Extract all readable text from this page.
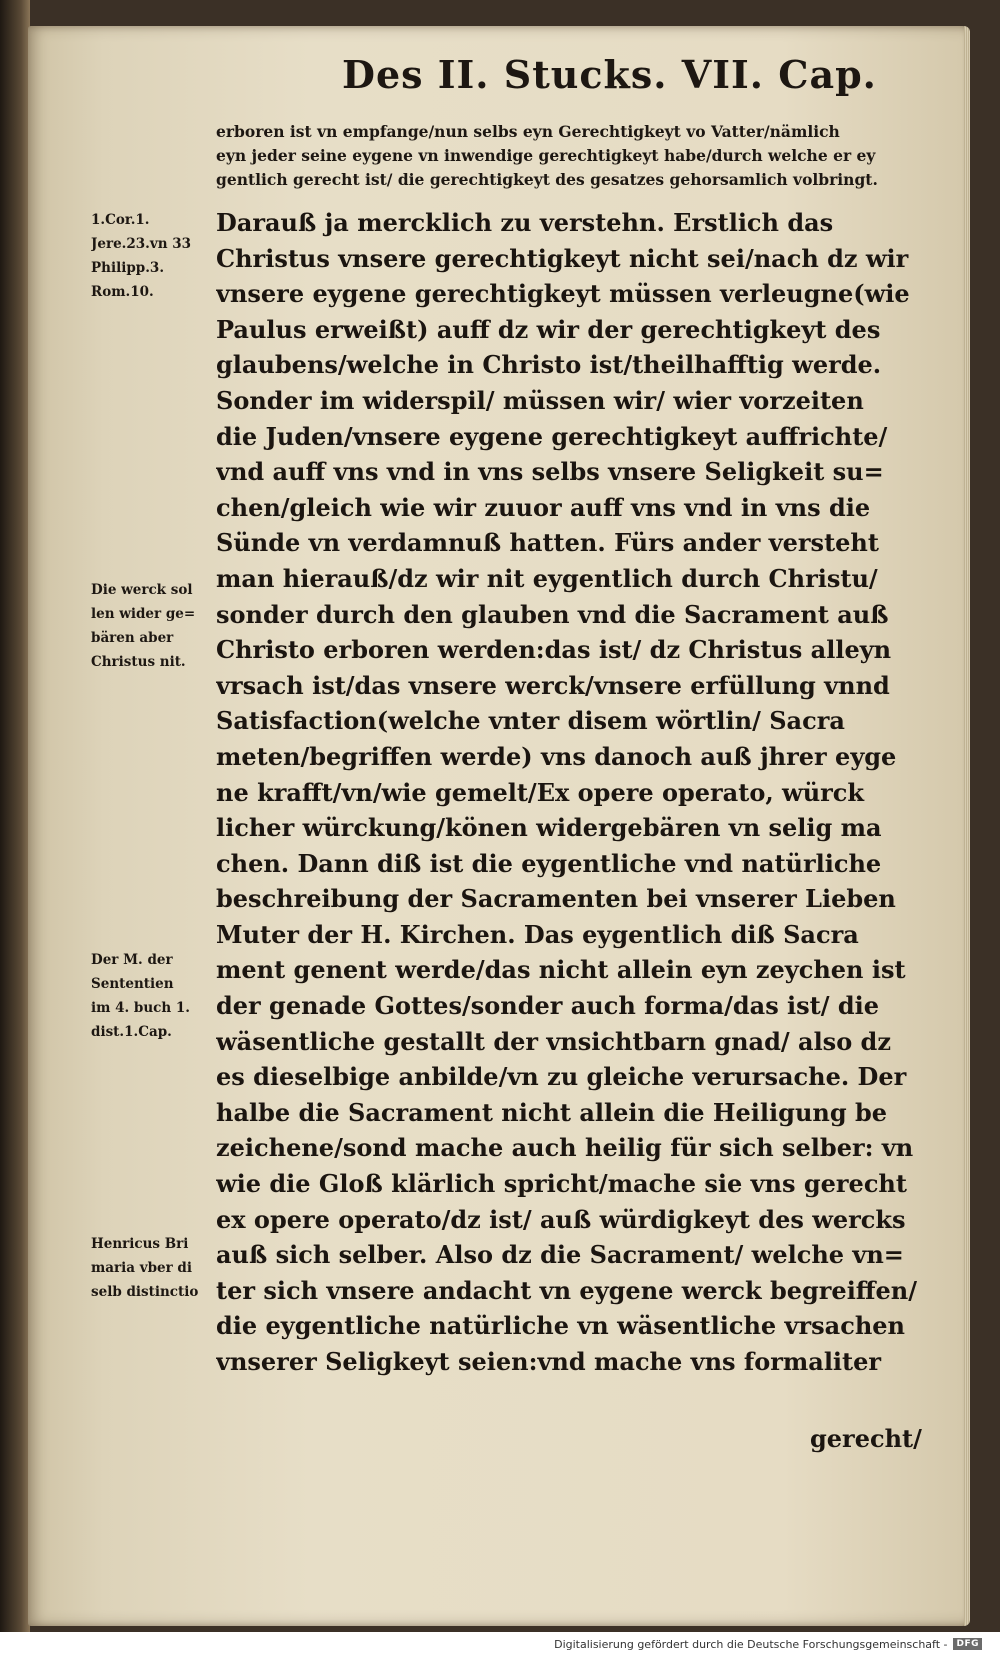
Des II. Stucks. VII. Cap.
erboren ist vn empfange/nun selbs eyn Gerechtigkeyt vo Vatter/nämlich
eyn jeder seine eygene vn inwendige gerechtigkeyt habe/durch welche er ey
gentlich gerecht ist/ die gerechtigkeyt des gesatzes gehorsamlich volbringt.
Darauß ja mercklich zu verstehn. Erstlich das
Christus vnsere gerechtigkeyt nicht sei/nach dz wir
vnsere eygene gerechtigkeyt müssen verleugne(wie
Paulus erweißt) auff dz wir der gerechtigkeyt des
glaubens/welche in Christo ist/theilhafftig werde.
Sonder im widerspil/ müssen wir/ wier vorzeiten
die Juden/vnsere eygene gerechtigkeyt auffrichte/
vnd auff vns vnd in vns selbs vnsere Seligkeit su=
chen/gleich wie wir zuuor auff vns vnd in vns die
Sünde vn verdamnuß hatten. Fürs ander versteht
man hierauß/dz wir nit eygentlich durch Christu/
sonder durch den glauben vnd die Sacrament auß
Christo erboren werden:das ist/ dz Christus alleyn
vrsach ist/das vnsere werck/vnsere erfüllung vnnd
Satisfaction(welche vnter disem wörtlin/ Sacra
meten/begriffen werde) vns danoch auß jhrer eyge
ne krafft/vn/wie gemelt/Ex opere operato, würck
licher würckung/könen widergebären vn selig ma
chen. Dann diß ist die eygentliche vnd natürliche
beschreibung der Sacramenten bei vnserer Lieben
Muter der H. Kirchen. Das eygentlich diß Sacra
ment genent werde/das nicht allein eyn zeychen ist
der genade Gottes/sonder auch forma/das ist/ die
wäsentliche gestallt der vnsichtbarn gnad/ also dz
es dieselbige anbilde/vn zu gleiche verursache. Der
halbe die Sacrament nicht allein die Heiligung be
zeichene/sond mache auch heilig für sich selber: vn
wie die Gloß klärlich spricht/mache sie vns gerecht
ex opere operato/dz ist/ auß würdigkeyt des wercks
auß sich selber. Also dz die Sacrament/ welche vn=
ter sich vnsere andacht vn eygene werck begreiffen/
die eygentliche natürliche vn wäsentliche vrsachen
vnserer Seligkeyt seien:vnd mache vns formaliter
gerecht/
1.Cor.1.
Jere.23.vn 33
Philipp.3.
Rom.10.
Die werck sol
len wider ge=
bären aber
Christus nit.
Der M. der
Sententien
im 4. buch 1.
dist.1.Cap.
Henricus Bri
maria vber di
selb distinctio
Digitalisierung gefördert durch die Deutsche Forschungsgemeinschaft -	DFG
